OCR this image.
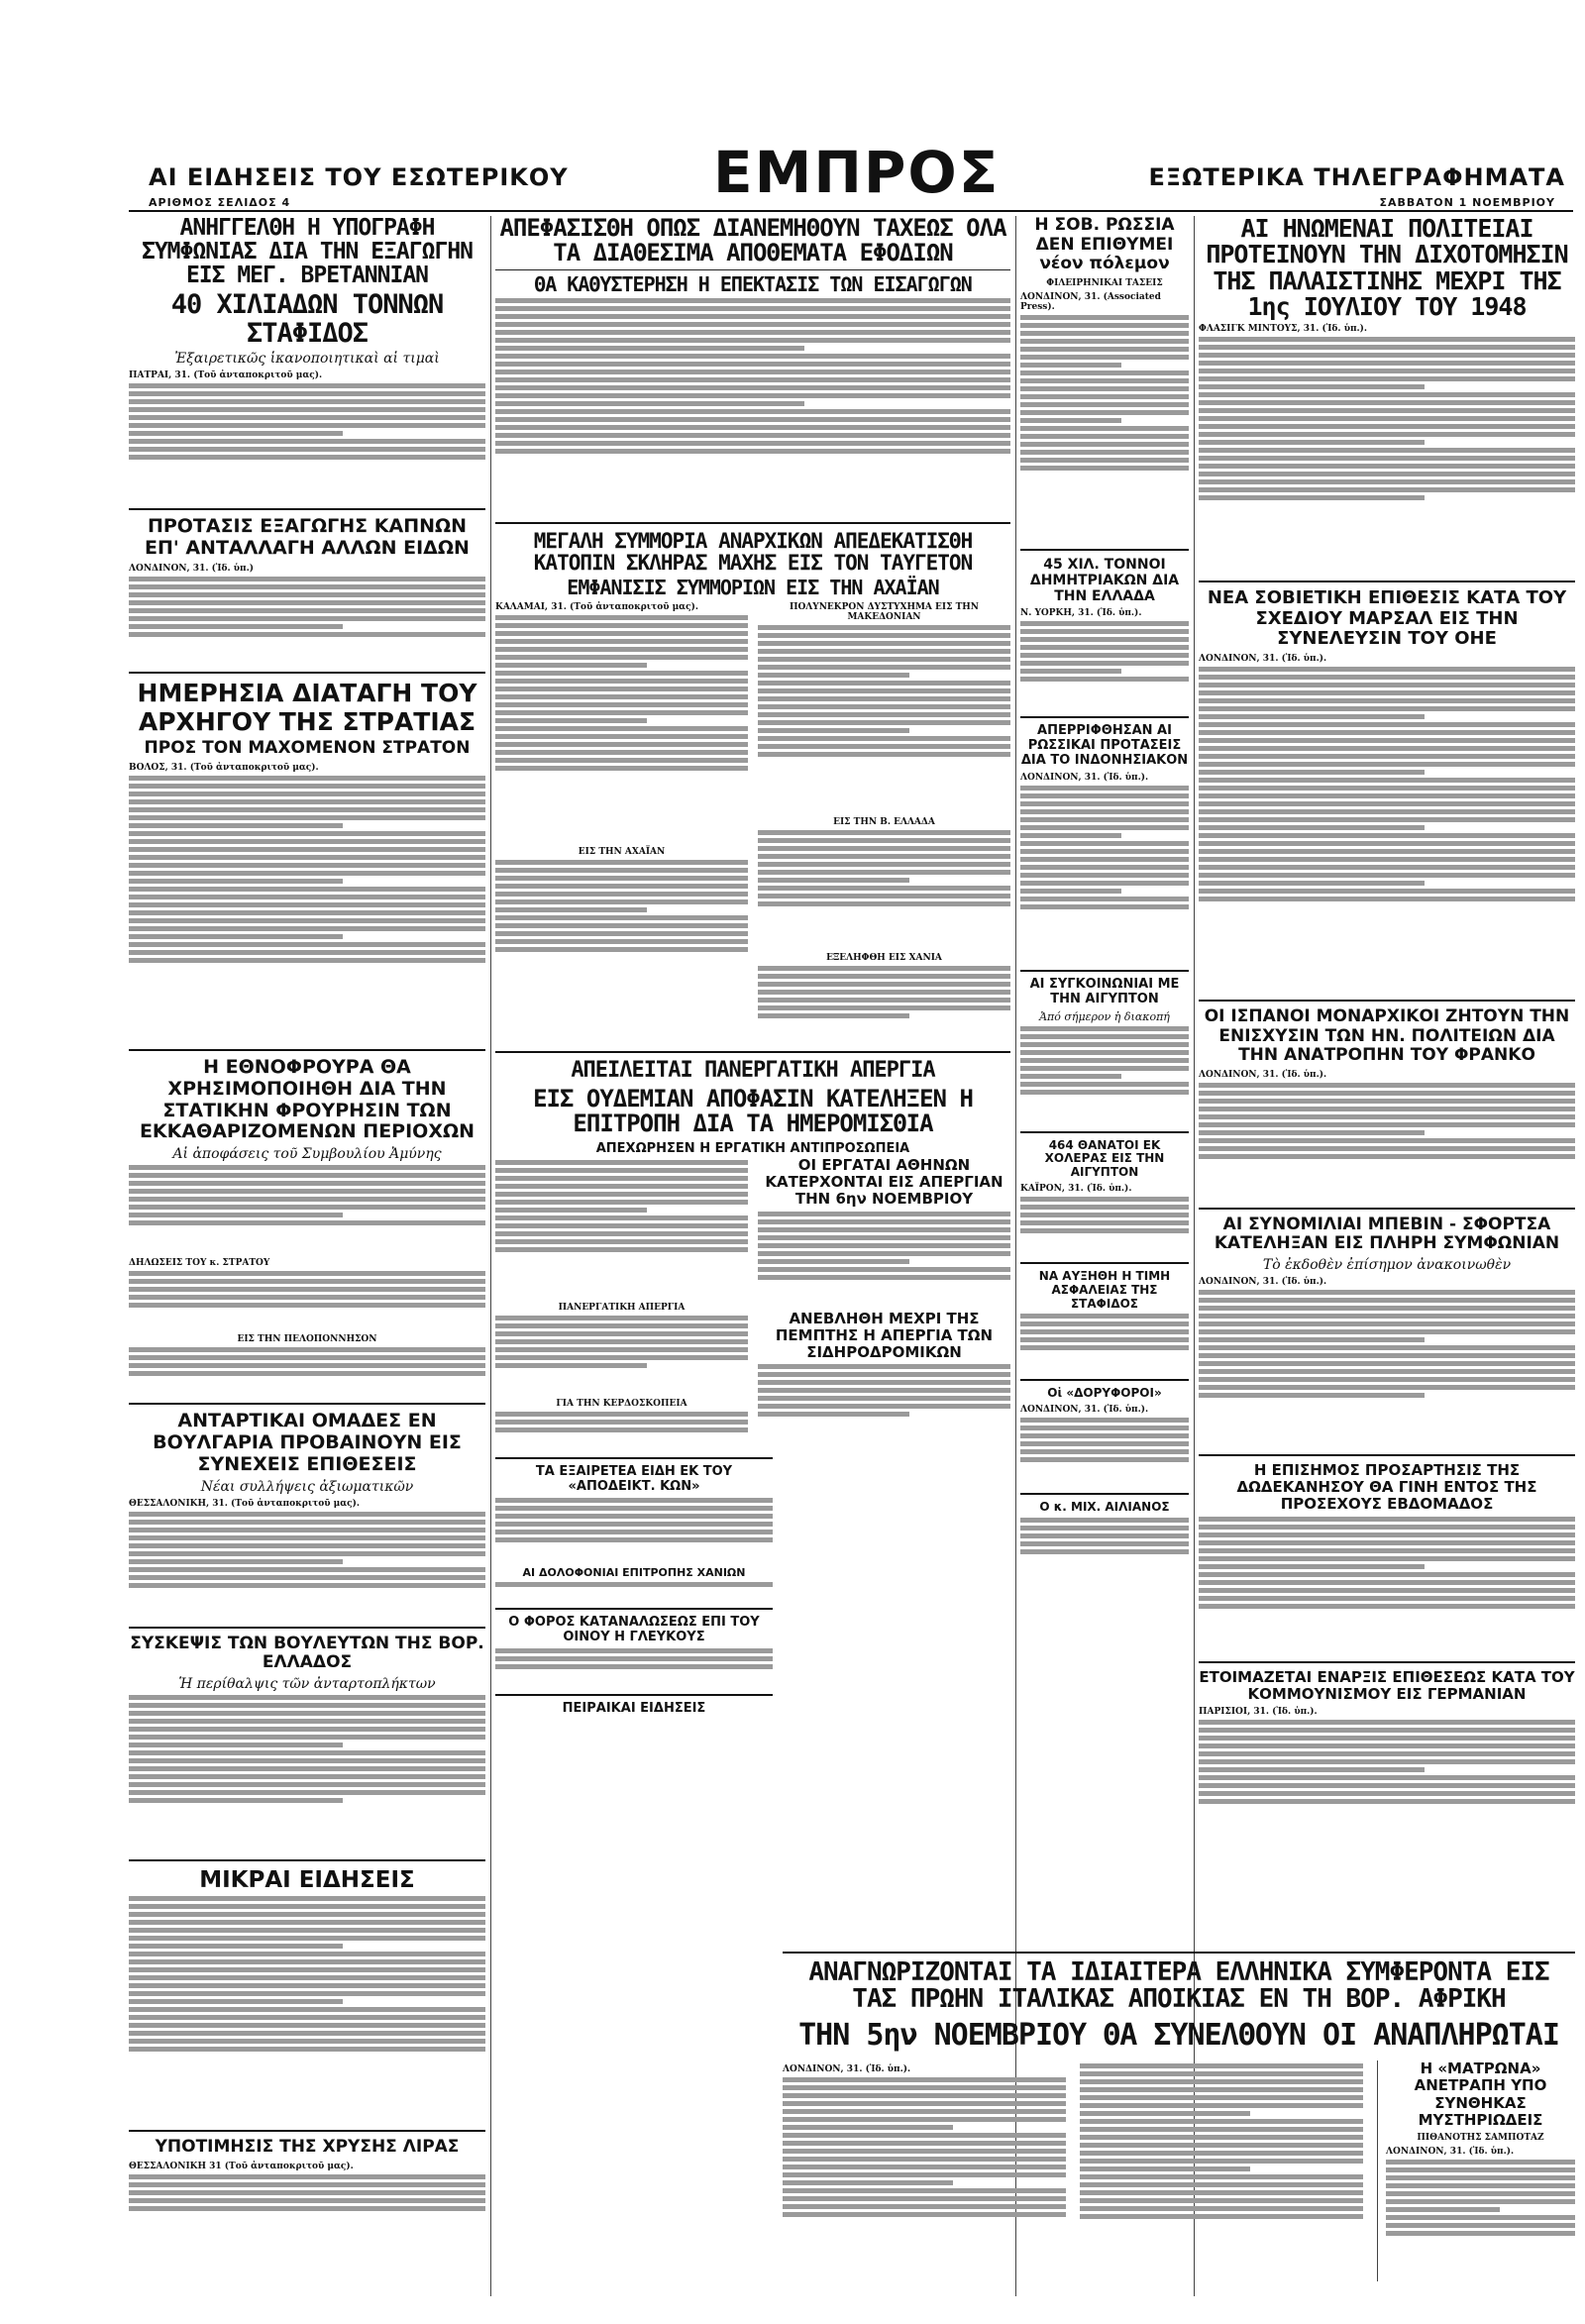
ΑΙ ΕΙΔΗΣΕΙΣ ΤΟΥ ΕΣΩΤΕΡΙΚΟΥ
ΑΡΙΘΜΟΣ ΣΕΛΙΔΟΣ 4	ΕΜΠΡΟΣ	ΕΞΩΤΕΡΙΚΑ ΤΗΛΕΓΡΑΦΗΜΑΤΑ
ΣΑΒΒΑΤΟΝ 1 ΝΟΕΜΒΡΙΟΥ
ΑΝΗΓΓΕΛΘΗ Η ΥΠΟΓΡΑΦΗ ΣΥΜΦΩΝΙΑΣ ΔΙΑ ΤΗΝ ΕΞΑΓΩΓΗΝ ΕΙΣ ΜΕΓ. ΒΡΕΤΑΝΝΙΑΝ
40 ΧΙΛΙΑΔΩΝ ΤΟΝΝΩΝ ΣΤΑΦΙΔΟΣ
Ἐξαιρετικῶς ἱκανοποιητικαὶ αἱ τιμαὶ
ΠΑΤΡΑΙ, 31. (Τοῦ ἀνταποκριτοῦ μας).
ΠΡΟΤΑΣΙΣ ΕΞΑΓΩΓΗΣ ΚΑΠΝΩΝ ΕΠ' ΑΝΤΑΛΛΑΓΗ ΑΛΛΩΝ ΕΙΔΩΝ
ΛΟΝΔΙΝΟΝ, 31. (Ἰδ. ὑπ.)
ΗΜΕΡΗΣΙΑ ΔΙΑΤΑΓΗ ΤΟΥ ΑΡΧΗΓΟΥ ΤΗΣ ΣΤΡΑΤΙΑΣ
ΠΡΟΣ ΤΟΝ ΜΑΧΟΜΕΝΟΝ ΣΤΡΑΤΟΝ
ΒΟΛΟΣ, 31. (Τοῦ ἀνταποκριτοῦ μας).
Η ΕΘΝΟΦΡΟΥΡΑ ΘΑ ΧΡΗΣΙΜΟΠΟΙΗΘΗ ΔΙΑ ΤΗΝ ΣΤΑΤΙΚΗΝ ΦΡΟΥΡΗΣΙΝ ΤΩΝ ΕΚΚΑΘΑΡΙΖΟΜΕΝΩΝ ΠΕΡΙΟΧΩΝ
Αἱ ἀποφάσεις τοῦ Συμβουλίου Ἀμύνης
ΔΗΛΩΣΕΙΣ ΤΟΥ κ. ΣΤΡΑΤΟΥ
ΕΙΣ ΤΗΝ ΠΕΛΟΠΟΝΝΗΣΟΝ
ΑΝΤΑΡΤΙΚΑΙ ΟΜΑΔΕΣ ΕΝ ΒΟΥΛΓΑΡΙΑ ΠΡΟΒΑΙΝΟΥΝ ΕΙΣ ΣΥΝΕΧΕΙΣ ΕΠΙΘΕΣΕΙΣ
Νέαι συλλήψεις ἀξιωματικῶν
ΘΕΣΣΑΛΟΝΙΚΗ, 31. (Τοῦ ἀνταποκριτοῦ μας).
ΣΥΣΚΕΨΙΣ ΤΩΝ ΒΟΥΛΕΥΤΩΝ ΤΗΣ ΒΟΡ. ΕΛΛΑΔΟΣ
Ἡ περίθαλψις τῶν ἀνταρτοπλήκτων
ΜΙΚΡΑΙ ΕΙΔΗΣΕΙΣ
ΥΠΟΤΙΜΗΣΙΣ ΤΗΣ ΧΡΥΣΗΣ ΛΙΡΑΣ
ΘΕΣΣΑΛΟΝΙΚΗ 31 (Τοῦ ἀνταποκριτοῦ μας).
ΑΠΕΦΑΣΙΣΘΗ ΟΠΩΣ ΔΙΑΝΕΜΗΘΟΥΝ ΤΑΧΕΩΣ ΟΛΑ ΤΑ ΔΙΑΘΕΣΙΜΑ ΑΠΟΘΕΜΑΤΑ ΕΦΟΔΙΩΝ
ΘΑ ΚΑΘΥΣΤΕΡΗΣΗ Η ΕΠΕΚΤΑΣΙΣ ΤΩΝ ΕΙΣΑΓΩΓΩΝ
ΜΕΓΑΛΗ ΣΥΜΜΟΡΙΑ ΑΝΑΡΧΙΚΩΝ ΑΠΕΔΕΚΑΤΙΣΘΗ ΚΑΤΟΠΙΝ ΣΚΛΗΡΑΣ ΜΑΧΗΣ ΕΙΣ ΤΟΝ ΤΑΥΓΕΤΟΝ
ΕΜΦΑΝΙΣΙΣ ΣΥΜΜΟΡΙΩΝ ΕΙΣ ΤΗΝ ΑΧΑΪΑΝ
ΚΑΛΑΜΑΙ, 31. (Τοῦ ἀνταποκριτοῦ μας).
ΕΙΣ ΤΗΝ ΑΧΑΪΑΝ
ΠΟΛΥΝΕΚΡΟΝ ΔΥΣΤΥΧΗΜΑ ΕΙΣ ΤΗΝ ΜΑΚΕΔΟΝΙΑΝ
ΕΙΣ ΤΗΝ Β. ΕΛΛΑΔΑ
ΕΞΕΛΗΦΘΗ ΕΙΣ ΧΑΝΙΑ
ΑΠΕΙΛΕΙΤΑΙ ΠΑΝΕΡΓΑΤΙΚΗ ΑΠΕΡΓΙΑ
ΕΙΣ ΟΥΔΕΜΙΑΝ ΑΠΟΦΑΣΙΝ ΚΑΤΕΛΗΞΕΝ Η ΕΠΙΤΡΟΠΗ ΔΙΑ ΤΑ ΗΜΕΡΟΜΙΣΘΙΑ
ΑΠΕΧΩΡΗΣΕΝ Η ΕΡΓΑΤΙΚΗ ΑΝΤΙΠΡΟΣΩΠΕΙΑ
ΠΑΝΕΡΓΑΤΙΚΗ ΑΠΕΡΓΙΑ
ΓΙΑ ΤΗΝ ΚΕΡΔΟΣΚΟΠΕΙΑ
ΟΙ ΕΡΓΑΤΑΙ ΑΘΗΝΩΝ ΚΑΤΕΡΧΟΝΤΑΙ ΕΙΣ ΑΠΕΡΓΙΑΝ ΤΗΝ 6ην ΝΟΕΜΒΡΙΟΥ
ΑΝΕΒΛΗΘΗ ΜΕΧΡΙ ΤΗΣ ΠΕΜΠΤΗΣ Η ΑΠΕΡΓΙΑ ΤΩΝ ΣΙΔΗΡΟΔΡΟΜΙΚΩΝ
ΤΑ ΕΞΑΙΡΕΤΕΑ ΕΙΔΗ ΕΚ ΤΟΥ «ΑΠΟΔΕΙΚΤ. ΚΩΝ»
ΑΙ ΔΟΛΟΦΟΝΙΑΙ ΕΠΙΤΡΟΠΗΣ ΧΑΝΙΩΝ
Ο ΦΟΡΟΣ ΚΑΤΑΝΑΛΩΣΕΩΣ ΕΠΙ ΤΟΥ ΟΙΝΟΥ Η ΓΛΕΥΚΟΥΣ
ΠΕΙΡΑΙΚΑΙ ΕΙΔΗΣΕΙΣ
Η ΣΟΒ. ΡΩΣΣΙΑ ΔΕΝ ΕΠΙΘΥΜΕΙ νέον πόλεμον
ΦΙΛΕΙΡΗΝΙΚΑΙ ΤΑΣΕΙΣ
ΛΟΝΔΙΝΟΝ, 31. (Associated Press).
45 ΧΙΛ. ΤΟΝΝΟΙ ΔΗΜΗΤΡΙΑΚΩΝ ΔΙΑ ΤΗΝ ΕΛΛΑΔΑ
Ν. ΥΟΡΚΗ, 31. (Ἰδ. ὑπ.).
ΑΠΕΡΡΙΦΘΗΣΑΝ ΑΙ ΡΩΣΣΙΚΑΙ ΠΡΟΤΑΣΕΙΣ ΔΙΑ ΤΟ ΙΝΔΟΝΗΣΙΑΚΟΝ
ΛΟΝΔΙΝΟΝ, 31. (Ἰδ. ὑπ.).
ΑΙ ΣΥΓΚΟΙΝΩΝΙΑΙ ΜΕ ΤΗΝ ΑΙΓΥΠΤΟΝ
Ἀπό σήμερον ἡ διακοπή
464 ΘΑΝΑΤΟΙ ΕΚ ΧΟΛΕΡΑΣ ΕΙΣ ΤΗΝ ΑΙΓΥΠΤΟΝ
ΚΑΪΡΟΝ, 31. (Ἰδ. ὑπ.).
ΝΑ ΑΥΞΗΘΗ Η ΤΙΜΗ ΑΣΦΑΛΕΙΑΣ ΤΗΣ ΣΤΑΦΙΔΟΣ
Οἱ «ΔΟΡΥΦΟΡΟΙ»
ΛΟΝΔΙΝΟΝ, 31. (Ἰδ. ὑπ.).
Ο κ. ΜΙΧ. ΑΙΛΙΑΝΟΣ
ΑΙ ΗΝΩΜΕΝΑΙ ΠΟΛΙΤΕΙΑΙ ΠΡΟΤΕΙΝΟΥΝ ΤΗΝ ΔΙΧΟΤΟΜΗΣΙΝ ΤΗΣ ΠΑΛΑΙΣΤΙΝΗΣ ΜΕΧΡΙ ΤΗΣ 1ης ΙΟΥΛΙΟΥ ΤΟΥ 1948
ΦΛΑΣΙΓΚ ΜΙΝΤΟΥΣ, 31. (Ἰδ. ὑπ.).
ΝΕΑ ΣΟΒΙΕΤΙΚΗ ΕΠΙΘΕΣΙΣ ΚΑΤΑ ΤΟΥ ΣΧΕΔΙΟΥ ΜΑΡΣΑΛ ΕΙΣ ΤΗΝ ΣΥΝΕΛΕΥΣΙΝ ΤΟΥ ΟΗΕ
ΛΟΝΔΙΝΟΝ, 31. (Ἰδ. ὑπ.).
ΟΙ ΙΣΠΑΝΟΙ ΜΟΝΑΡΧΙΚΟΙ ΖΗΤΟΥΝ ΤΗΝ ΕΝΙΣΧΥΣΙΝ ΤΩΝ ΗΝ. ΠΟΛΙΤΕΙΩΝ ΔΙΑ ΤΗΝ ΑΝΑΤΡΟΠΗΝ ΤΟΥ ΦΡΑΝΚΟ
ΛΟΝΔΙΝΟΝ, 31. (Ἰδ. ὑπ.).
ΑΙ ΣΥΝΟΜΙΛΙΑΙ ΜΠΕΒΙΝ - ΣΦΟΡΤΣΑ ΚΑΤΕΛΗΞΑΝ ΕΙΣ ΠΛΗΡΗ ΣΥΜΦΩΝΙΑΝ
Τὸ ἐκδοθὲν ἐπίσημον ἀνακοινωθὲν
ΛΟΝΔΙΝΟΝ, 31. (Ἰδ. ὑπ.).
Η ΕΠΙΣΗΜΟΣ ΠΡΟΣΑΡΤΗΣΙΣ ΤΗΣ ΔΩΔΕΚΑΝΗΣΟΥ ΘΑ ΓΙΝΗ ΕΝΤΟΣ ΤΗΣ ΠΡΟΣΕΧΟΥΣ ΕΒΔΟΜΑΔΟΣ
ΕΤΟΙΜΑΖΕΤΑΙ ΕΝΑΡΞΙΣ ΕΠΙΘΕΣΕΩΣ ΚΑΤΑ ΤΟΥ ΚΟΜΜΟΥΝΙΣΜΟΥ ΕΙΣ ΓΕΡΜΑΝΙΑΝ
ΠΑΡΙΣΙΟΙ, 31. (Ἰδ. ὑπ.).
ΑΝΑΓΝΩΡΙΖΟΝΤΑΙ ΤΑ ΙΔΙΑΙΤΕΡΑ ΕΛΛΗΝΙΚΑ ΣΥΜΦΕΡΟΝΤΑ ΕΙΣ ΤΑΣ ΠΡΩΗΝ ΙΤΑΛΙΚΑΣ ΑΠΟΙΚΙΑΣ ΕΝ ΤΗ ΒΟΡ. ΑΦΡΙΚΗ
ΤΗΝ 5ην ΝΟΕΜΒΡΙΟΥ ΘΑ ΣΥΝΕΛΘΟΥΝ ΟΙ ΑΝΑΠΛΗΡΩΤΑΙ
ΛΟΝΔΙΝΟΝ, 31. (Ἰδ. ὑπ.).	Η «ΜΑΤΡΩΝΑ» ΑΝΕΤΡΑΠΗ ΥΠΟ ΣΥΝΘΗΚΑΣ ΜΥΣΤΗΡΙΩΔΕΙΣ
ΠΙΘΑΝΟΤΗΣ ΣΑΜΠΟΤΑΖ
ΛΟΝΔΙΝΟΝ, 31. (Ἰδ. ὑπ.).
